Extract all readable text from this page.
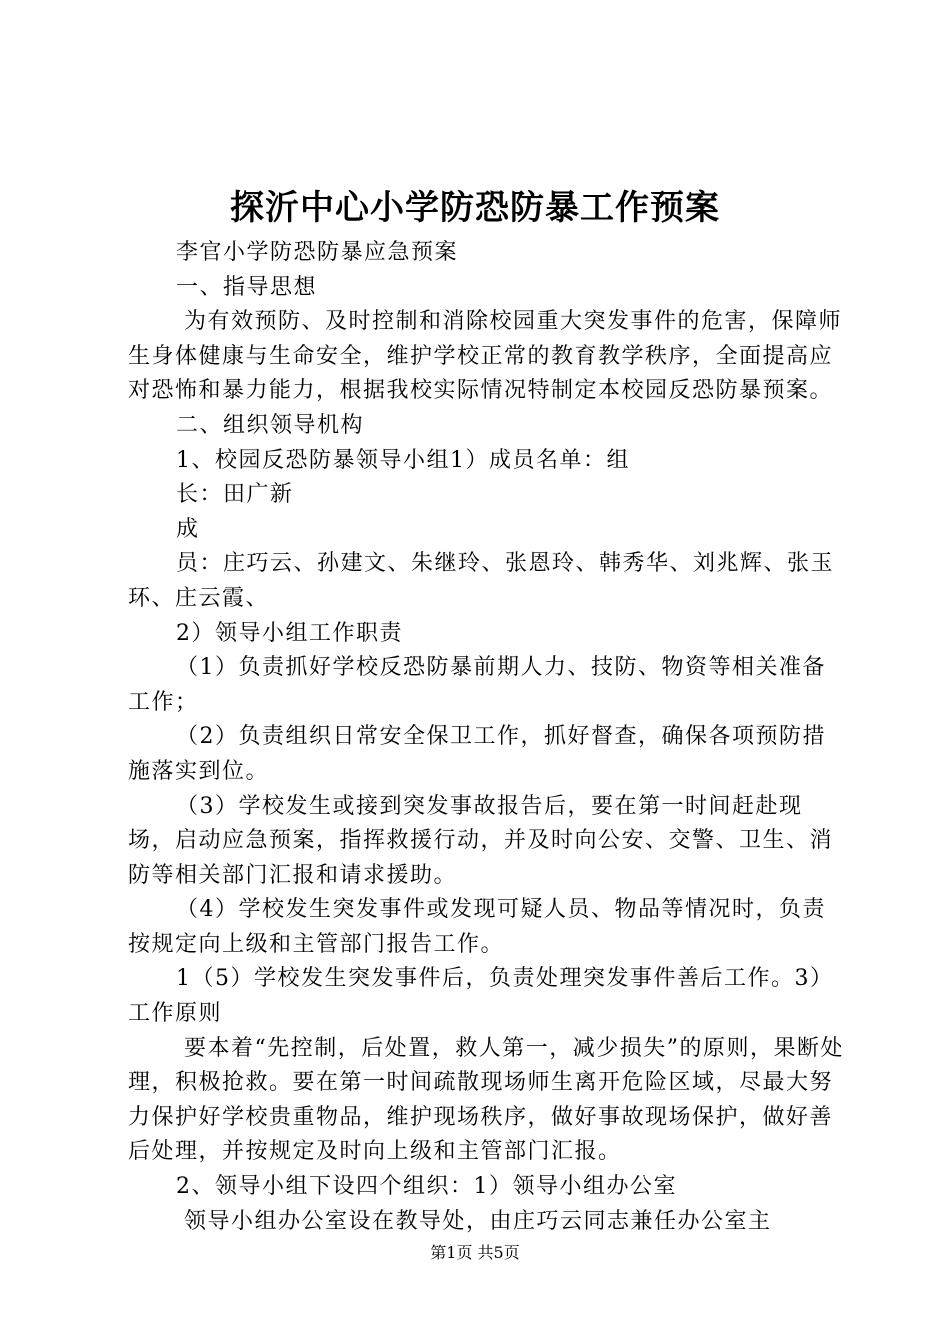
探沂中心小学防恐防暴工作预案

李官小学防恐防暴应急预案

一、指导思想

为有效预防、及时控制和消除校园重大突发事件的危害，保障师生身体健康与生命安全，维护学校正常的教育教学秩序，全面提高应对恐怖和暴力能力，根据我校实际情况特制定本校园反恐防暴预案。

二、组织领导机构

1、校园反恐防暴领导小组1）成员名单：组

长：田广新

成

员：庄巧云、孙建文、朱继玲、张恩玲、韩秀华、刘兆辉、张玉环、庄云霞、

2）领导小组工作职责

（1）负责抓好学校反恐防暴前期人力、技防、物资等相关准备工作；

（2）负责组织日常安全保卫工作，抓好督查，确保各项预防措施落实到位。

（3）学校发生或接到突发事故报告后，要在第一时间赶赴现场，启动应急预案，指挥救援行动，并及时向公安、交警、卫生、消防等相关部门汇报和请求援助。

（4）学校发生突发事件或发现可疑人员、物品等情况时，负责按规定向上级和主管部门报告工作。

1（5）学校发生突发事件后，负责处理突发事件善后工作。3）工作原则

要本着“先控制，后处置，救人第一，减少损失”的原则，果断处理，积极抢救。要在第一时间疏散现场师生离开危险区域，尽最大努力保护好学校贵重物品，维护现场秩序，做好事故现场保护，做好善后处理，并按规定及时向上级和主管部门汇报。

2、领导小组下设四个组织：1）领导小组办公室

领导小组办公室设在教导处，由庄巧云同志兼任办公室主

第1页 共5页
